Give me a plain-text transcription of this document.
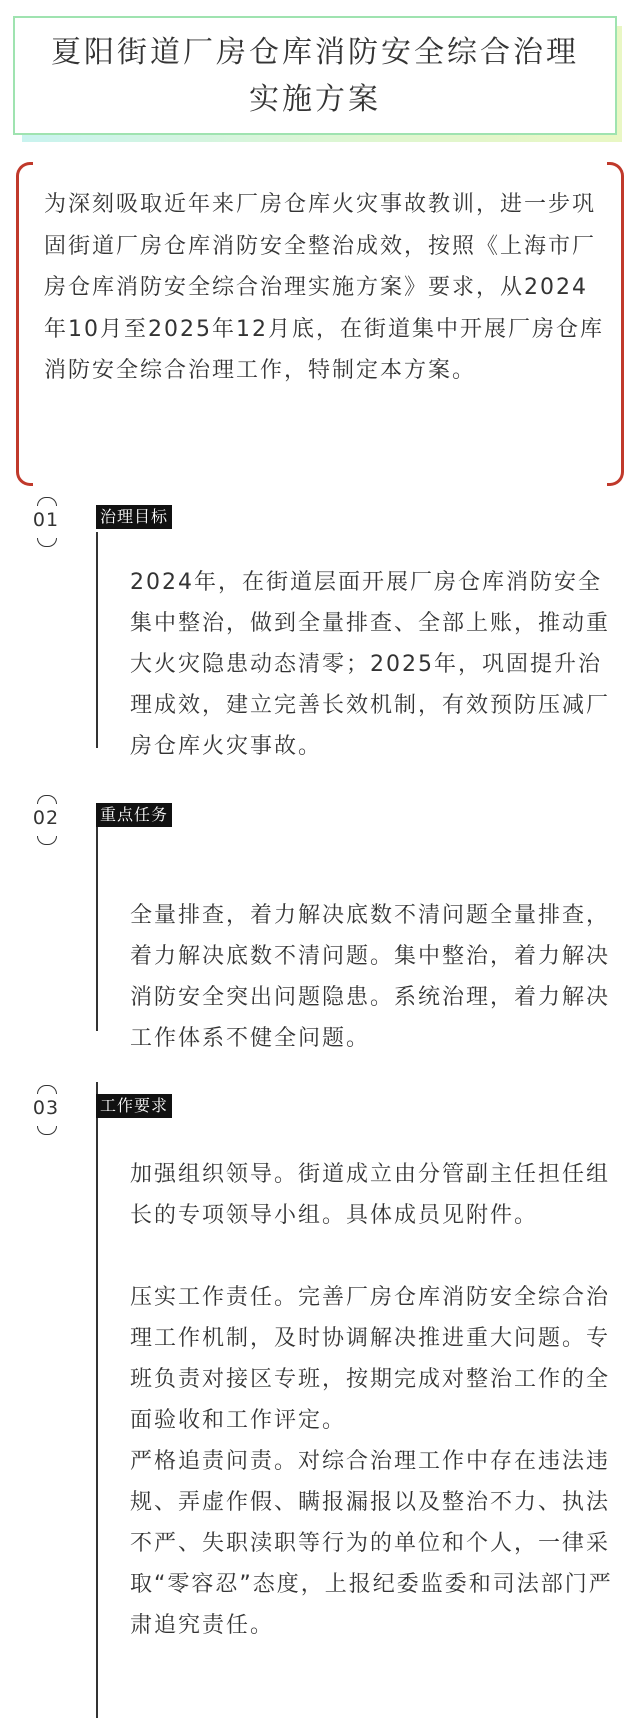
夏阳街道厂房仓库消防安全综合治理实施方案
为深刻吸取近年来厂房仓库火灾事故教训，进一步巩固街道厂房仓库消防安全整治成效，按照《上海市厂房仓库消防安全综合治理实施方案》要求，从2024年10月至2025年12月底，在街道集中开展厂房仓库消防安全综合治理工作，特制定本方案。
01	治理目标
2024年，在街道层面开展厂房仓库消防安全集中整治，做到全量排查、全部上账，推动重大火灾隐患动态清零；2025年，巩固提升治理成效，建立完善长效机制，有效预防压减厂房仓库火灾事故。
02	重点任务
全量排查，着力解决底数不清问题全量排查，着力解决底数不清问题。集中整治，着力解决消防安全突出问题隐患。系统治理，着力解决工作体系不健全问题。
03	工作要求
加强组织领导。街道成立由分管副主任担任组长的专项领导小组。具体成员见附件。
压实工作责任。完善厂房仓库消防安全综合治理工作机制，及时协调解决推进重大问题。专班负责对接区专班，按期完成对整治工作的全面验收和工作评定。
严格追责问责。对综合治理工作中存在违法违规、弄虚作假、瞒报漏报以及整治不力、执法不严、失职渎职等行为的单位和个人，一律采取“零容忍”态度，上报纪委监委和司法部门严肃追究责任。
